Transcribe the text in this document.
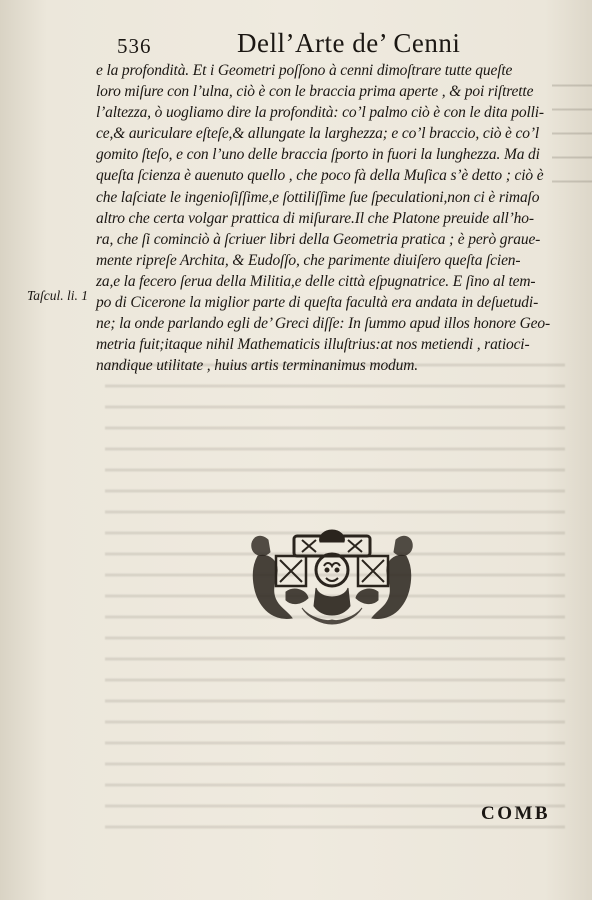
536	Dell’Arte de’ Cenni
e la profondità. Et i Geometri poſſono à cenni dimoſtrare tutte queſte
loro miſure con l’ulna, ciò è con le braccia prima aperte , & poi riſtrette
l’altezza, ò uogliamo dire la profondità: co’l palmo ciò è con le dita polli-
ce,& auriculare eſteſe,& allungate la larghezza; e co’l braccio, ciò è co’l
gomito ſteſo, e con l’uno delle braccia ſporto in fuori la lunghezza. Ma di
queſta ſcienza è auenuto quello , che poco fà della Muſica s’è detto ; ciò è
che laſciate le ingenioſiſſime,e ſottiliſſime ſue ſpeculationi,non ci è rimaſo
altro che certa volgar prattica di miſurare.Il che Platone preuide all’ho-
ra, che ſi cominciò à ſcriuer libri della Geometria pratica ; è però graue-
mente ripreſe Archita, & Eudoſſo, che parimente diuiſero queſta ſcien-
za,e la fecero ſerua della Militia,e delle città eſpugnatrice. E ſino al tem-
po di Cicerone la miglior parte di queſta facultà era andata in deſuetudi-
ne; la onde parlando egli de’ Greci diſſe: In ſummo apud illos honore Geo-
metria fuit;itaque nihil Mathematicis illuſtrius:at nos metiendi , ratioci-
nandique utilitate , huius artis terminanimus modum.
Taſcul. li. 1
COMB
